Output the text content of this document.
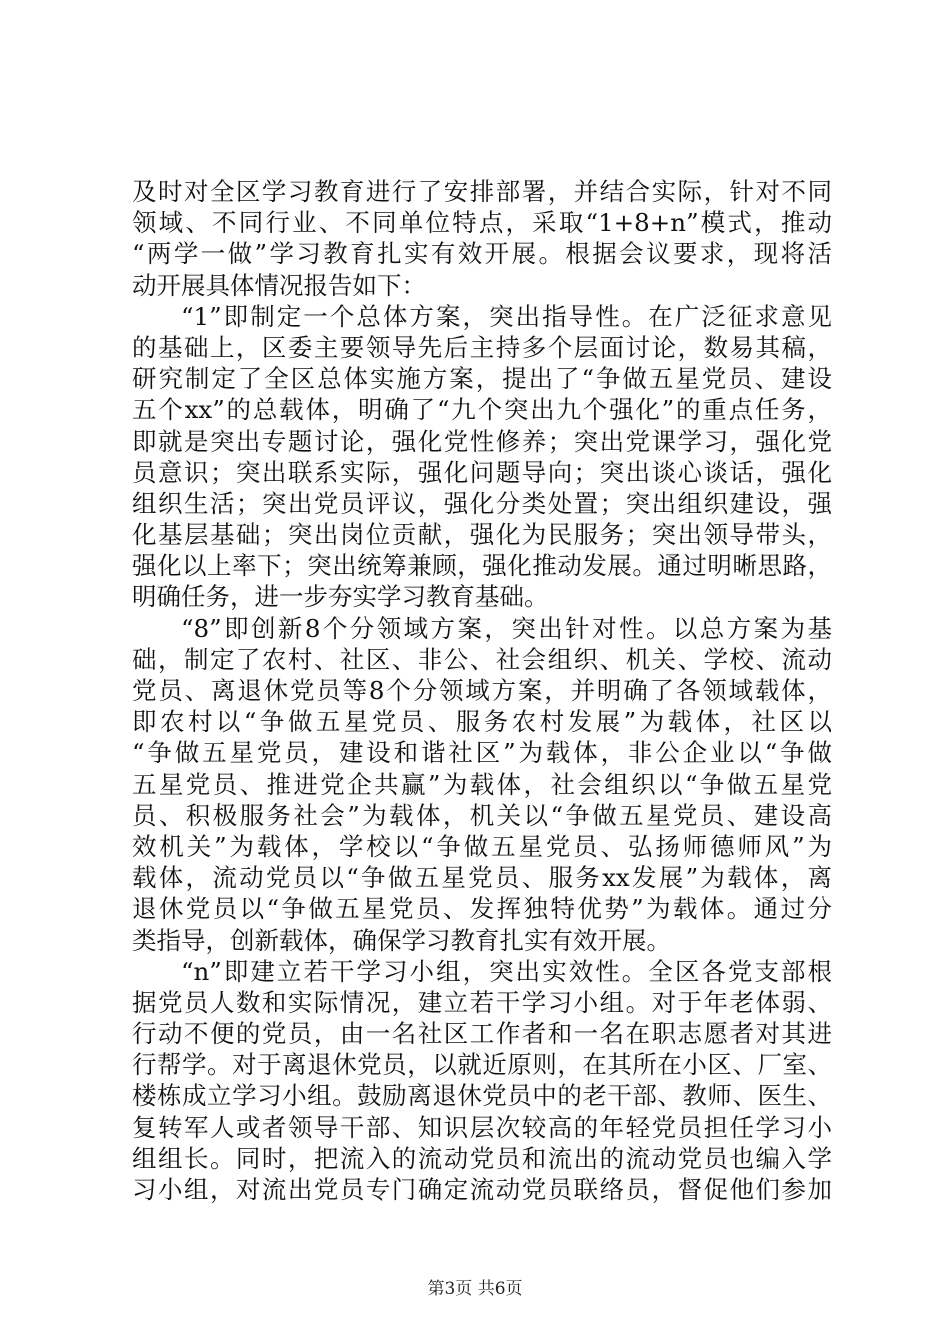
及时对全区学习教育进行了安排部署，并结合实际，针对不同
领域、不同行业、不同单位特点，采取“1+8+n”模式，推动
“两学一做”学习教育扎实有效开展。根据会议要求，现将活
动开展具体情况报告如下：
“1”即制定一个总体方案，突出指导性。在广泛征求意见
的基础上，区委主要领导先后主持多个层面讨论，数易其稿，
研究制定了全区总体实施方案，提出了“争做五星党员、建设
五个xx”的总载体，明确了“九个突出九个强化”的重点任务，
即就是突出专题讨论，强化党性修养；突出党课学习，强化党
员意识；突出联系实际，强化问题导向；突出谈心谈话，强化
组织生活；突出党员评议，强化分类处置；突出组织建设，强
化基层基础；突出岗位贡献，强化为民服务；突出领导带头，
强化以上率下；突出统筹兼顾，强化推动发展。通过明晰思路，
明确任务，进一步夯实学习教育基础。
“8”即创新8个分领域方案，突出针对性。以总方案为基
础，制定了农村、社区、非公、社会组织、机关、学校、流动
党员、离退休党员等8个分领域方案，并明确了各领域载体，
即农村以“争做五星党员、服务农村发展”为载体，社区以
“争做五星党员，建设和谐社区”为载体，非公企业以“争做
五星党员、推进党企共赢”为载体，社会组织以“争做五星党
员、积极服务社会”为载体，机关以“争做五星党员、建设高
效机关”为载体，学校以“争做五星党员、弘扬师德师风”为
载体，流动党员以“争做五星党员、服务xx发展”为载体，离
退休党员以“争做五星党员、发挥独特优势”为载体。通过分
类指导，创新载体，确保学习教育扎实有效开展。
“n”即建立若干学习小组，突出实效性。全区各党支部根
据党员人数和实际情况，建立若干学习小组。对于年老体弱、
行动不便的党员，由一名社区工作者和一名在职志愿者对其进
行帮学。对于离退休党员，以就近原则，在其所在小区、厂室、
楼栋成立学习小组。鼓励离退休党员中的老干部、教师、医生、
复转军人或者领导干部、知识层次较高的年轻党员担任学习小
组组长。同时，把流入的流动党员和流出的流动党员也编入学
习小组，对流出党员专门确定流动党员联络员，督促他们参加
第3页 共6页
